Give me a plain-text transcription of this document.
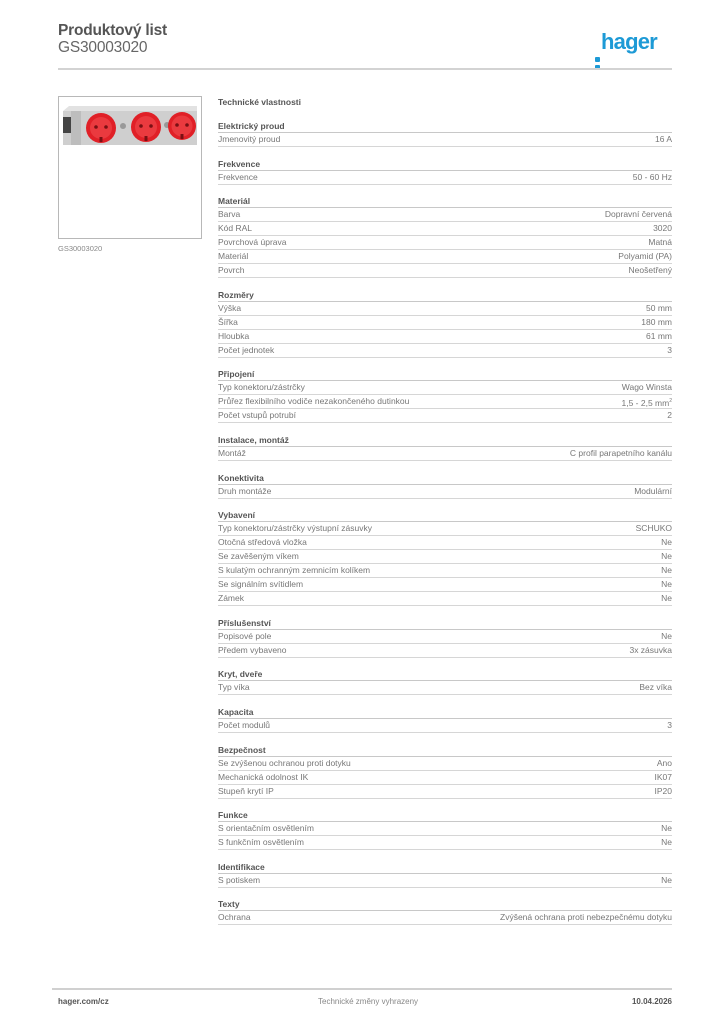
Produktový list
GS30003020	hager
GS30003020
Technické vlastnosti
Elektrický proud
Jmenovitý proud	16 A
Frekvence
Frekvence	50 - 60 Hz
Materiál
Barva	Dopravní červená
Kód RAL	3020
Povrchová úprava	Matná
Materiál	Polyamid (PA)
Povrch	Neošetřený
Rozměry
Výška	50 mm
Šířka	180 mm
Hloubka	61 mm
Počet jednotek	3
Připojení
Typ konektoru/zástrčky	Wago Winsta
Průřez flexibilního vodiče nezakončeného dutinkou	1,5 - 2,5 $mm^2$
Počet vstupů potrubí	2
Instalace, montáž
Montáž	C profil parapetního kanálu
Konektivita
Druh montáže	Modulární
Vybavení
Typ konektoru/zástrčky výstupní zásuvky	SCHUKO
Otočná středová vložka	Ne
Se zavěšeným víkem	Ne
S kulatým ochranným zemnicím kolíkem	Ne
Se signálním svítidlem	Ne
Zámek	Ne
Příslušenství
Popisové pole	Ne
Předem vybaveno	3x zásuvka
Kryt, dveře
Typ víka	Bez víka
Kapacita
Počet modulů	3
Bezpečnost
Se zvýšenou ochranou proti dotyku	Ano
Mechanická odolnost IK	IK07
Stupeň krytí IP	IP20
Funkce
S orientačním osvětlením	Ne
S funkčním osvětlením	Ne
Identifikace
S potiskem	Ne
Texty
Ochrana	Zvýšená ochrana proti nebezpečnému dotyku
hager.com/cz	Technické změny vyhrazeny	10.04.2026
